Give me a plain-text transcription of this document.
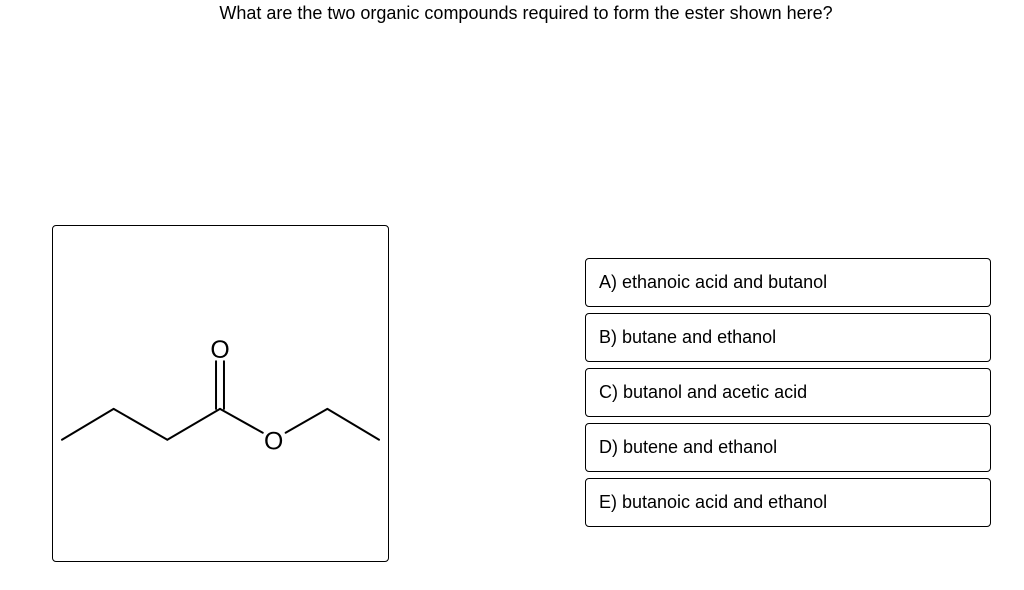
What are the two organic compounds required to form the ester shown here?
O
O
A) ethanoic acid and butanol
B) butane and ethanol
C) butanol and acetic acid
D) butene and ethanol
E) butanoic acid and ethanol
